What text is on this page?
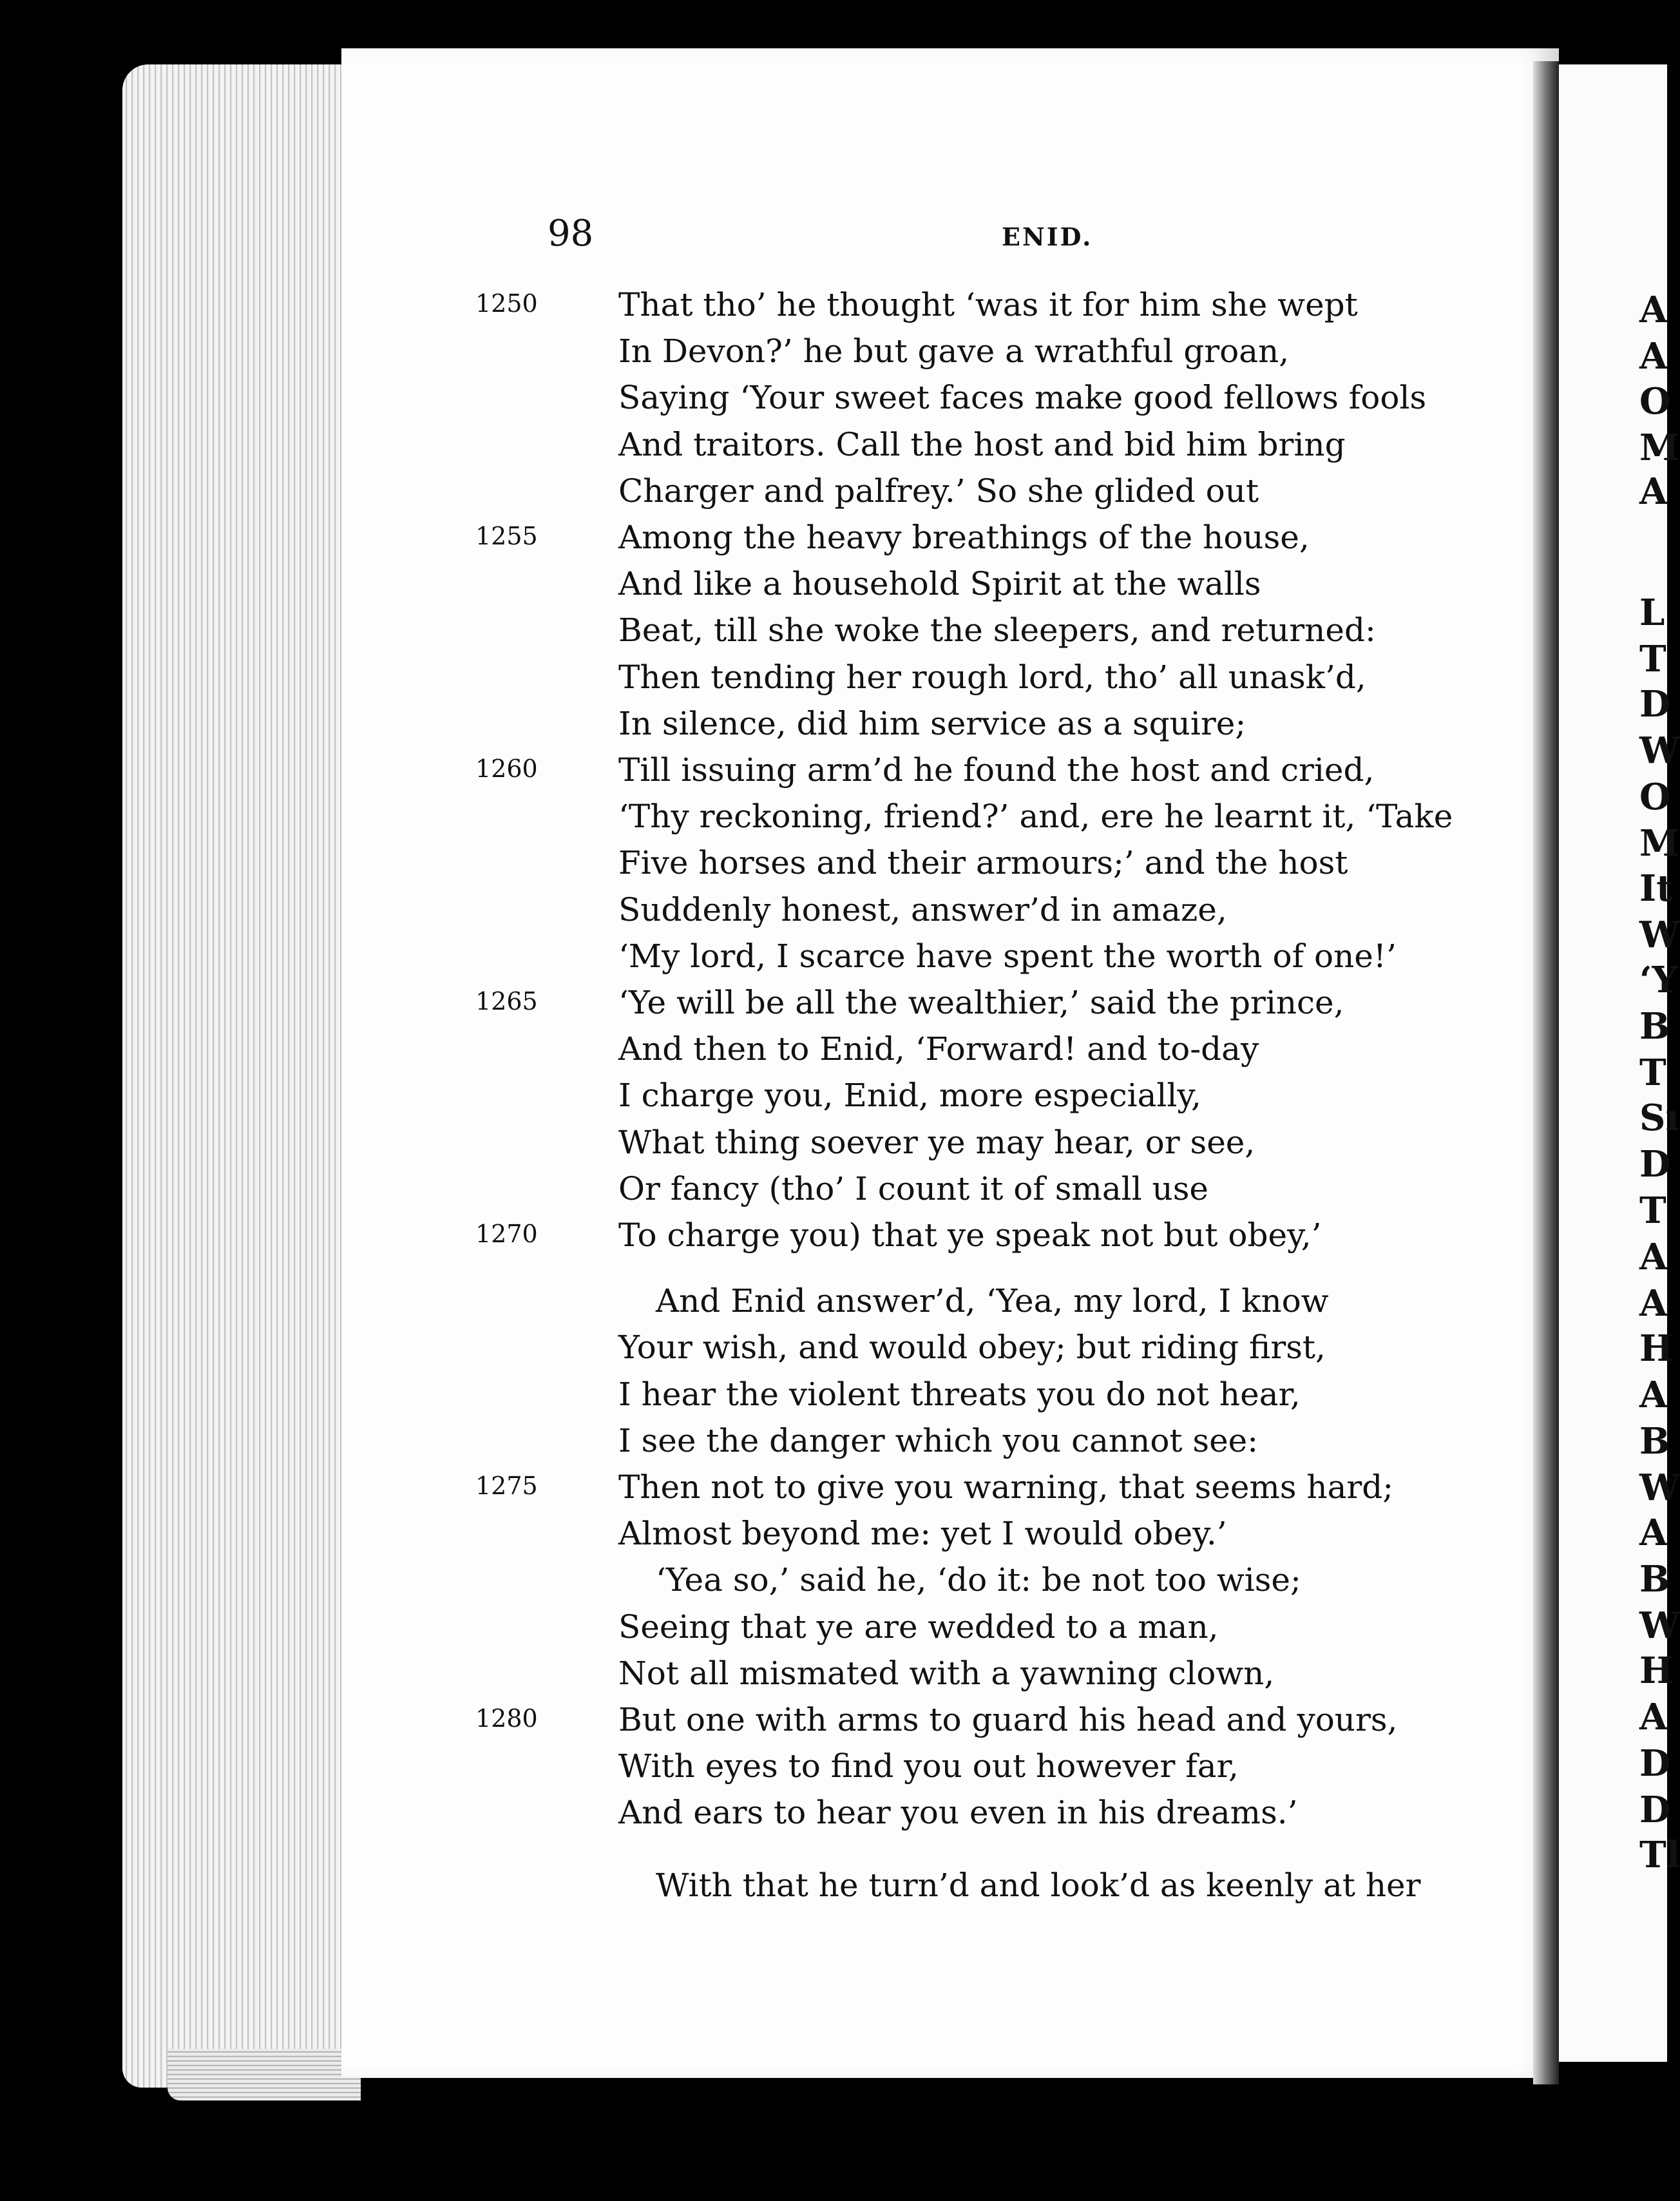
98	ENID.
That tho’ he thought ‘was it for him she wept
1250
In Devon?’ he but gave a wrathful groan,
Saying ‘Your sweet faces make good fellows fools
And traitors. Call the host and bid him bring
Charger and palfrey.’ So she glided out
Among the heavy breathings of the house,
1255
And like a household Spirit at the walls
Beat, till she woke the sleepers, and returned:
Then tending her rough lord, tho’ all unask’d,
In silence, did him service as a squire;
Till issuing arm’d he found the host and cried,
1260
‘Thy reckoning, friend?’ and, ere he learnt it, ‘Take
Five horses and their armours;’ and the host
Suddenly honest, answer’d in amaze,
‘My lord, I scarce have spent the worth of one!’
‘Ye will be all the wealthier,’ said the prince,
1265
And then to Enid, ‘Forward! and to-day
I charge you, Enid, more especially,
What thing soever ye may hear, or see,
Or fancy (tho’ I count it of small use
To charge you) that ye speak not but obey,’
1270
And Enid answer’d, ‘Yea, my lord, I know
Your wish, and would obey; but riding first,
I hear the violent threats you do not hear,
I see the danger which you cannot see:
Then not to give you warning, that seems hard;
1275
Almost beyond me: yet I would obey.’
‘Yea so,’ said he, ‘do it: be not too wise;
Seeing that ye are wedded to a man,
Not all mismated with a yawning clown,
But one with arms to guard his head and yours,
1280
With eyes to find you out however far,
And ears to hear you even in his dreams.’
With that he turn’d and look’d as keenly at her
A
A
O
M
A
L
T
D
W
O
M
It
W
‘Y
B
T
Sı
D
T
A
A
H
A
B
W
A
B
W
H
A
D
D
Tl
